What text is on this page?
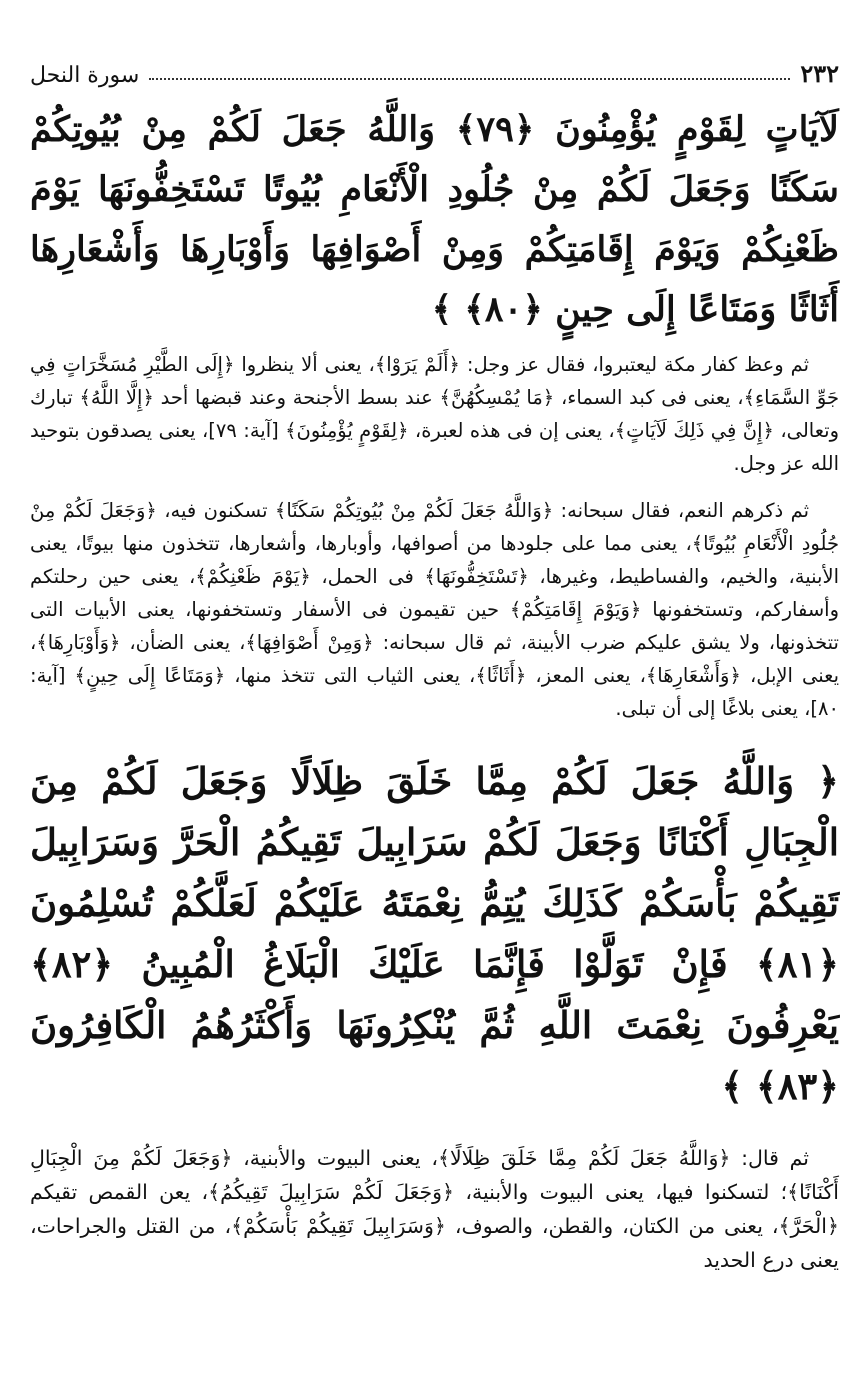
٢٣٢
سورة النحل

لَآيَاتٍ لِقَوْمٍ يُؤْمِنُونَ ﴿٧٩﴾ وَاللَّهُ جَعَلَ لَكُمْ مِنْ بُيُوتِكُمْ سَكَنًا وَجَعَلَ لَكُمْ مِنْ جُلُودِ الْأَنْعَامِ بُيُوتًا تَسْتَخِفُّونَهَا يَوْمَ ظَعْنِكُمْ وَيَوْمَ إِقَامَتِكُمْ وَمِنْ أَصْوَافِهَا وَأَوْبَارِهَا وَأَشْعَارِهَا أَثَاثًا وَمَتَاعًا إِلَى حِينٍ ﴿٨٠﴾ ﴾

ثم وعظ كفار مكة ليعتبروا، فقال عز وجل: ﴿أَلَمْ يَرَوْا﴾، يعنى ألا ينظروا ﴿إِلَى الطَّيْرِ مُسَخَّرَاتٍ فِي جَوِّ السَّمَاءِ﴾، يعنى فى كبد السماء، ﴿مَا يُمْسِكُهُنَّ﴾ عند بسط الأجنحة وعند قبضها أحد ﴿إِلَّا اللَّهُ﴾ تبارك وتعالى، ﴿إِنَّ فِي ذَلِكَ لَآيَاتٍ﴾، يعنى إن فى هذه لعبرة، ﴿لِقَوْمٍ يُؤْمِنُونَ﴾ [آية: ٧٩]، يعنى يصدقون بتوحيد الله عز وجل.

ثم ذكرهم النعم، فقال سبحانه: ﴿وَاللَّهُ جَعَلَ لَكُمْ مِنْ بُيُوتِكُمْ سَكَنًا﴾ تسكنون فيه، ﴿وَجَعَلَ لَكُمْ مِنْ جُلُودِ الْأَنْعَامِ بُيُوتًا﴾، يعنى مما على جلودها من أصوافها، وأوبارها، وأشعارها، تتخذون منها بيوتًا، يعنى الأبنية، والخيم، والفساطيط، وغيرها، ﴿تَسْتَخِفُّونَهَا﴾ فى الحمل، ﴿يَوْمَ ظَعْنِكُمْ﴾، يعنى حين رحلتكم وأسفاركم، وتستخفونها ﴿وَيَوْمَ إِقَامَتِكُمْ﴾ حين تقيمون فى الأسفار وتستخفونها، يعنى الأبيات التى تتخذونها، ولا يشق عليكم ضرب الأبينة، ثم قال سبحانه: ﴿وَمِنْ أَصْوَافِهَا﴾، يعنى الضأن، ﴿وَأَوْبَارِهَا﴾، يعنى الإبل، ﴿وَأَشْعَارِهَا﴾، يعنى المعز، ﴿أَثَاثًا﴾، يعنى الثياب التى تتخذ منها، ﴿وَمَتَاعًا إِلَى حِينٍ﴾ [آية: ٨٠]، يعنى بلاغًا إلى أن تبلى.

﴿ وَاللَّهُ جَعَلَ لَكُمْ مِمَّا خَلَقَ ظِلَالًا وَجَعَلَ لَكُمْ مِنَ الْجِبَالِ أَكْنَانًا وَجَعَلَ لَكُمْ سَرَابِيلَ تَقِيكُمُ الْحَرَّ وَسَرَابِيلَ تَقِيكُمْ بَأْسَكُمْ كَذَلِكَ يُتِمُّ نِعْمَتَهُ عَلَيْكُمْ لَعَلَّكُمْ تُسْلِمُونَ ﴿٨١﴾ فَإِنْ تَوَلَّوْا فَإِنَّمَا عَلَيْكَ الْبَلَاغُ الْمُبِينُ ﴿٨٢﴾ يَعْرِفُونَ نِعْمَتَ اللَّهِ ثُمَّ يُنْكِرُونَهَا وَأَكْثَرُهُمُ الْكَافِرُونَ ﴿٨٣﴾ ﴾

ثم قال: ﴿وَاللَّهُ جَعَلَ لَكُمْ مِمَّا خَلَقَ ظِلَالًا﴾، يعنى البيوت والأبنية، ﴿وَجَعَلَ لَكُمْ مِنَ الْجِبَالِ أَكْنَانًا﴾؛ لتسكنوا فيها، يعنى البيوت والأبنية، ﴿وَجَعَلَ لَكُمْ سَرَابِيلَ تَقِيكُمُ﴾، يعن القمص تقيكم ﴿الْحَرَّ﴾، يعنى من الكتان، والقطن، والصوف، ﴿وَسَرَابِيلَ تَقِيكُمْ بَأْسَكُمْ﴾، من القتل والجراحات، يعنى درع الحديد
